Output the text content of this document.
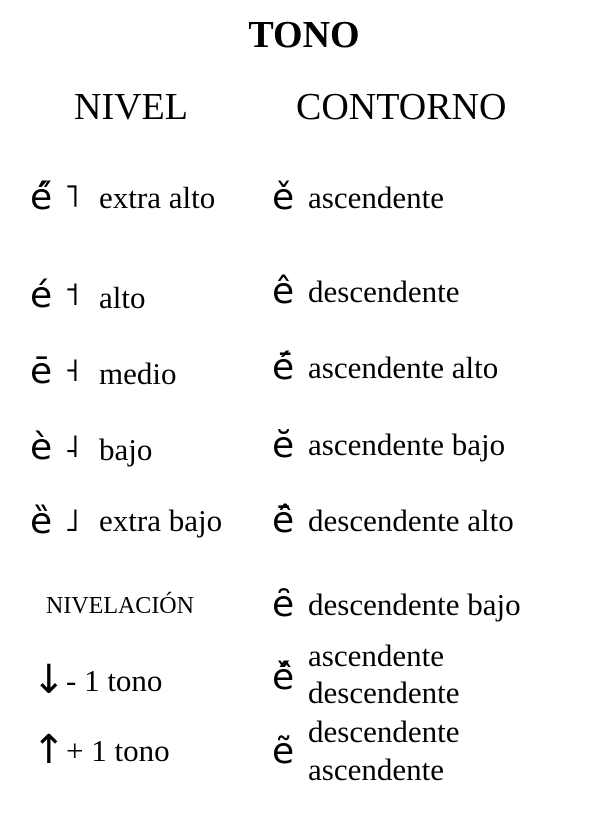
TONO
NIVEL	CONTORNO
é̋ ˥ extra alto
é ˦ alto
ē ˧ medio
è ˨ bajo
ȅ ˩ extra bajo
NIVELACIÓN
↓ - 1 tono
↑ + 1 tono
ě ascendente
ê descendente
é̄ ascendente alto
ĕ ascendente bajo
ē̂ descendente alto
ȇ descendente bajo
ě̂
ascendente
descendente
ẽ descendente
ascendente
